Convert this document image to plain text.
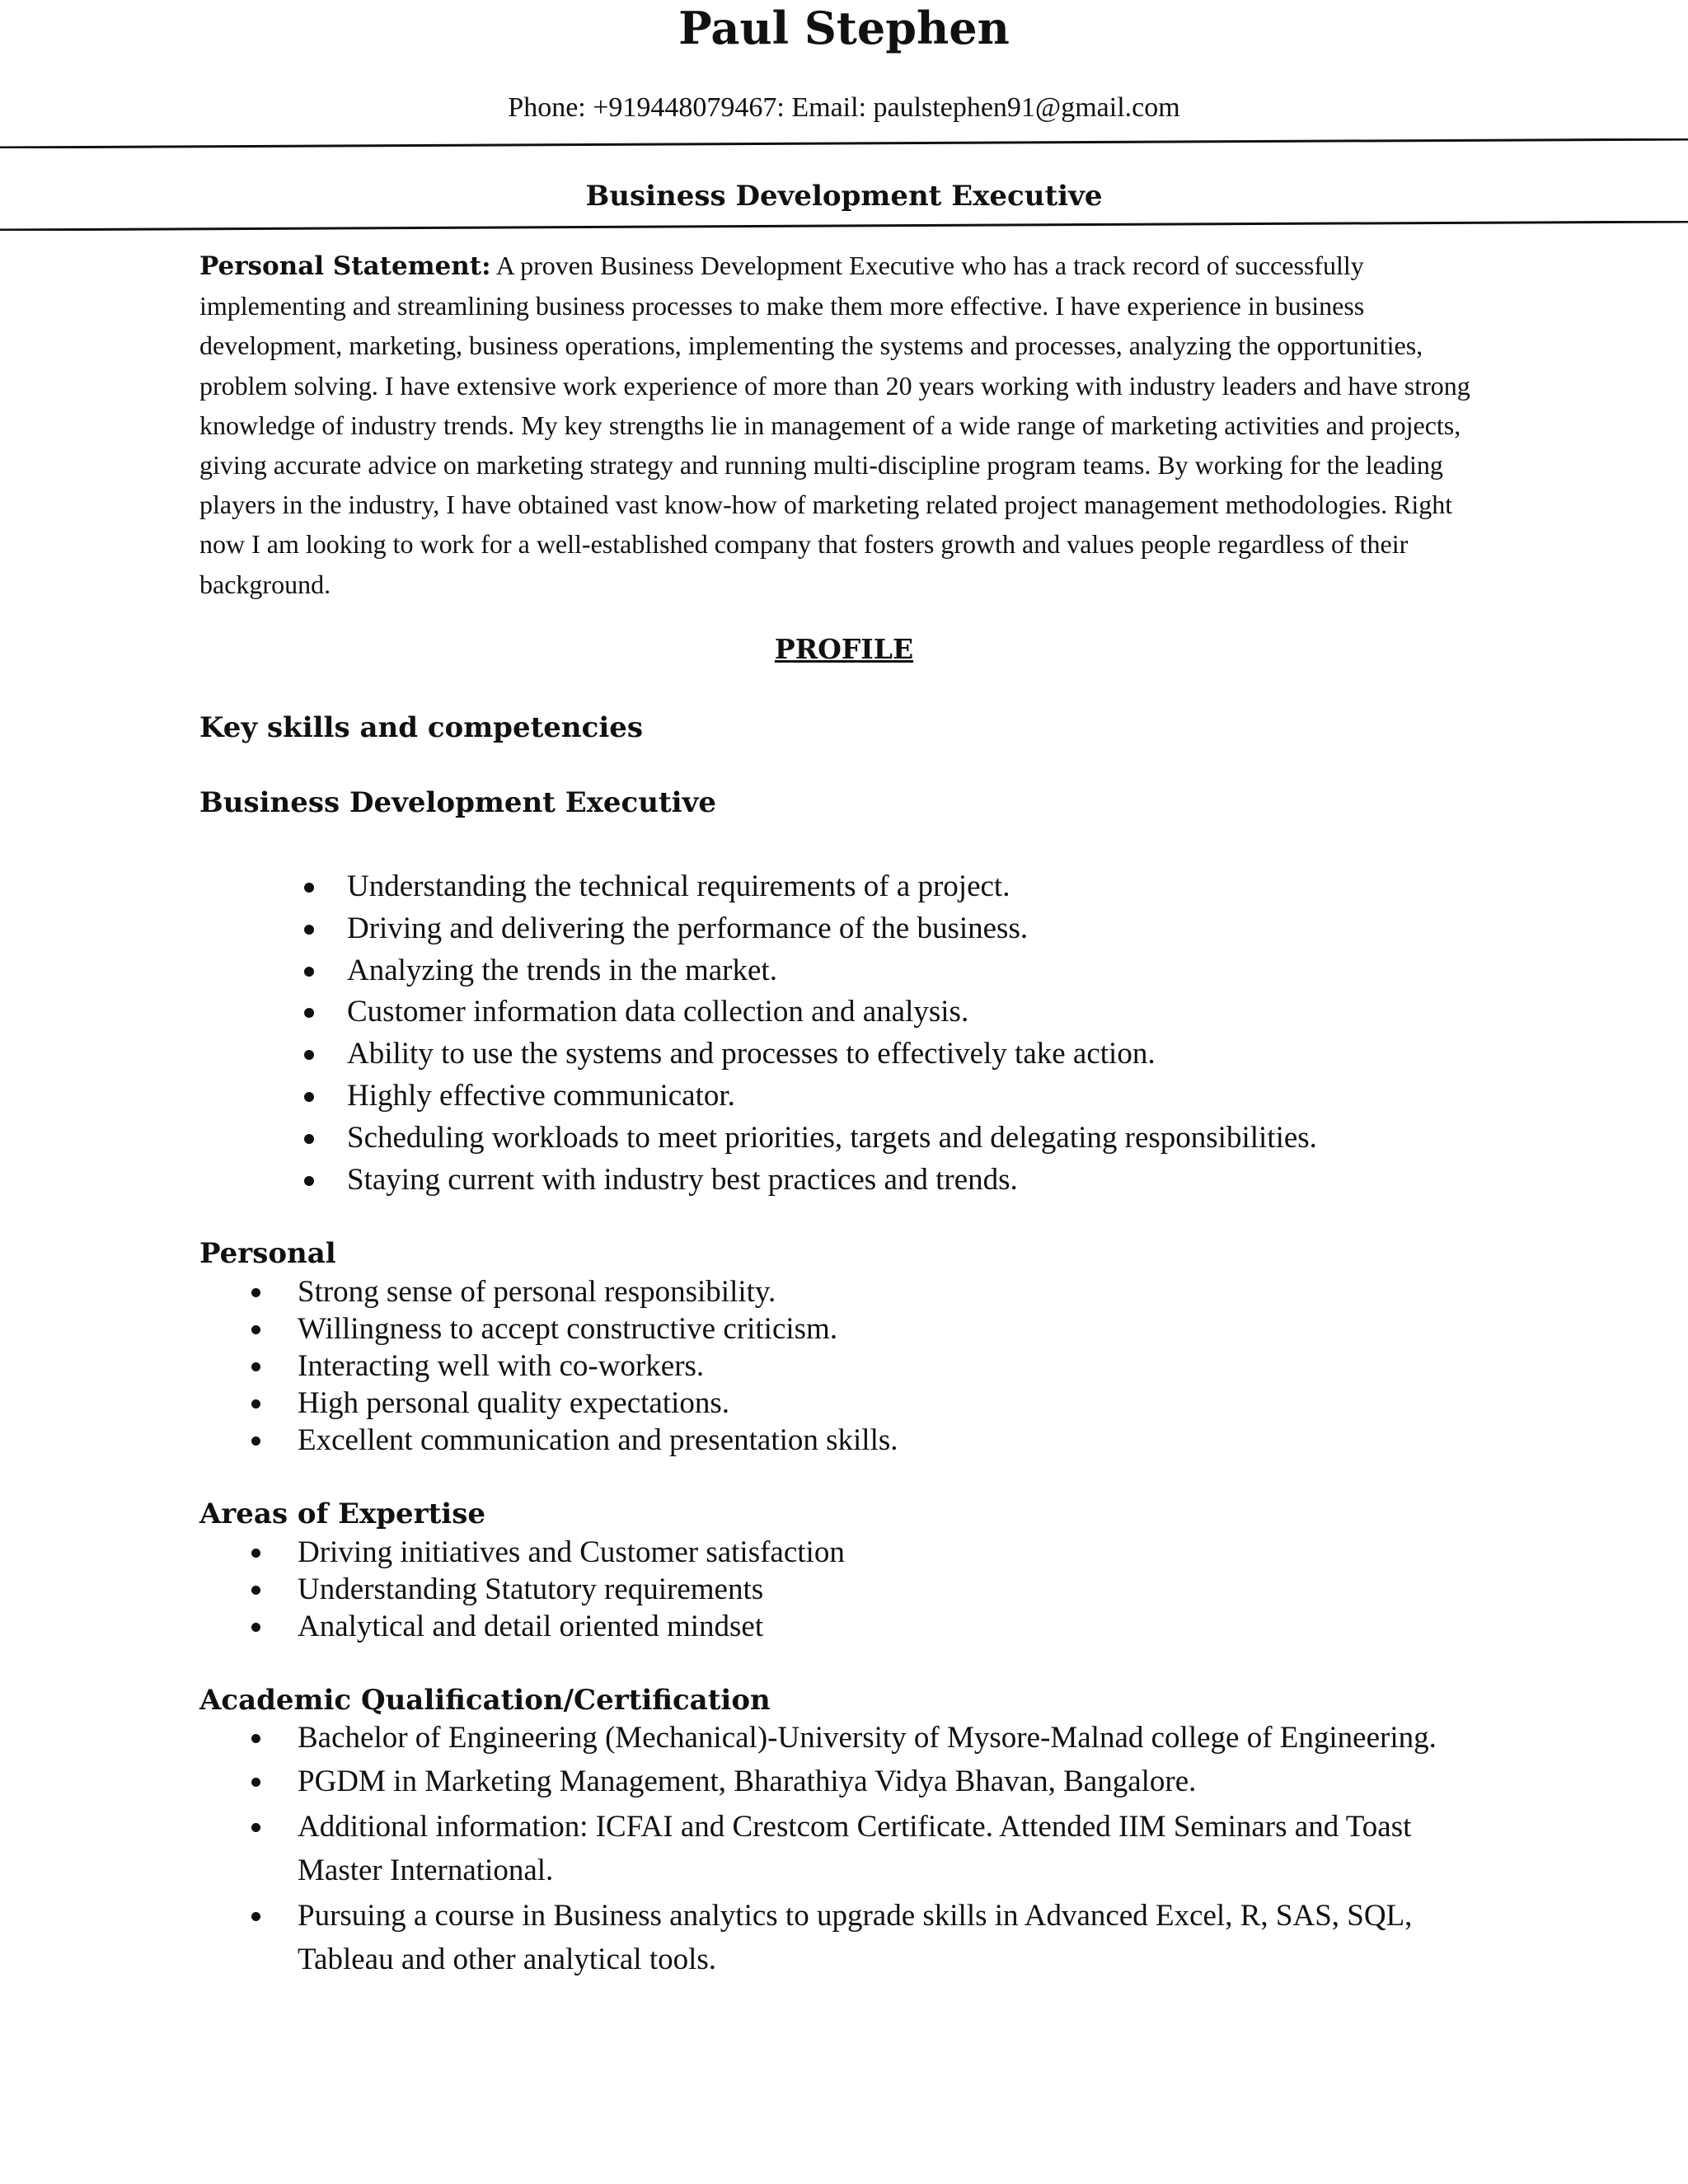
Paul Stephen
Phone: +919448079467: Email: paulstephen91@gmail.com
Business Development Executive

Personal Statement: A proven Business Development Executive who has a track record of successfully implementing and streamlining business processes to make them more effective. I have experience in business development, marketing, business operations, implementing the systems and processes, analyzing the opportunities, problem solving. I have extensive work experience of more than 20 years working with industry leaders and have strong knowledge of industry trends. My key strengths lie in management of a wide range of marketing activities and projects, giving accurate advice on marketing strategy and running multi-discipline program teams. By working for the leading players in the industry, I have obtained vast know-how of marketing related project management methodologies. Right now I am looking to work for a well-established company that fosters growth and values people regardless of their background.

PROFILE
Key skills and competencies
Business Development Executive
Understanding the technical requirements of a project.
Driving and delivering the performance of the business.
Analyzing the trends in the market.
Customer information data collection and analysis.
Ability to use the systems and processes to effectively take action.
Highly effective communicator.
Scheduling workloads to meet priorities, targets and delegating responsibilities.
Staying current with industry best practices and trends.
Personal
Strong sense of personal responsibility.
Willingness to accept constructive criticism.
Interacting well with co-workers.
High personal quality expectations.
Excellent communication and presentation skills.
Areas of Expertise
Driving initiatives and Customer satisfaction
Understanding Statutory requirements
Analytical and detail oriented mindset
Academic Qualification/Certification
Bachelor of Engineering (Mechanical)-University of Mysore-Malnad college of Engineering.
PGDM in Marketing Management, Bharathiya Vidya Bhavan, Bangalore.
Additional information: ICFAI and Crestcom Certificate. Attended IIM Seminars and Toast Master International.
Pursuing a course in Business analytics to upgrade skills in Advanced Excel, R, SAS, SQL, Tableau and other analytical tools.
